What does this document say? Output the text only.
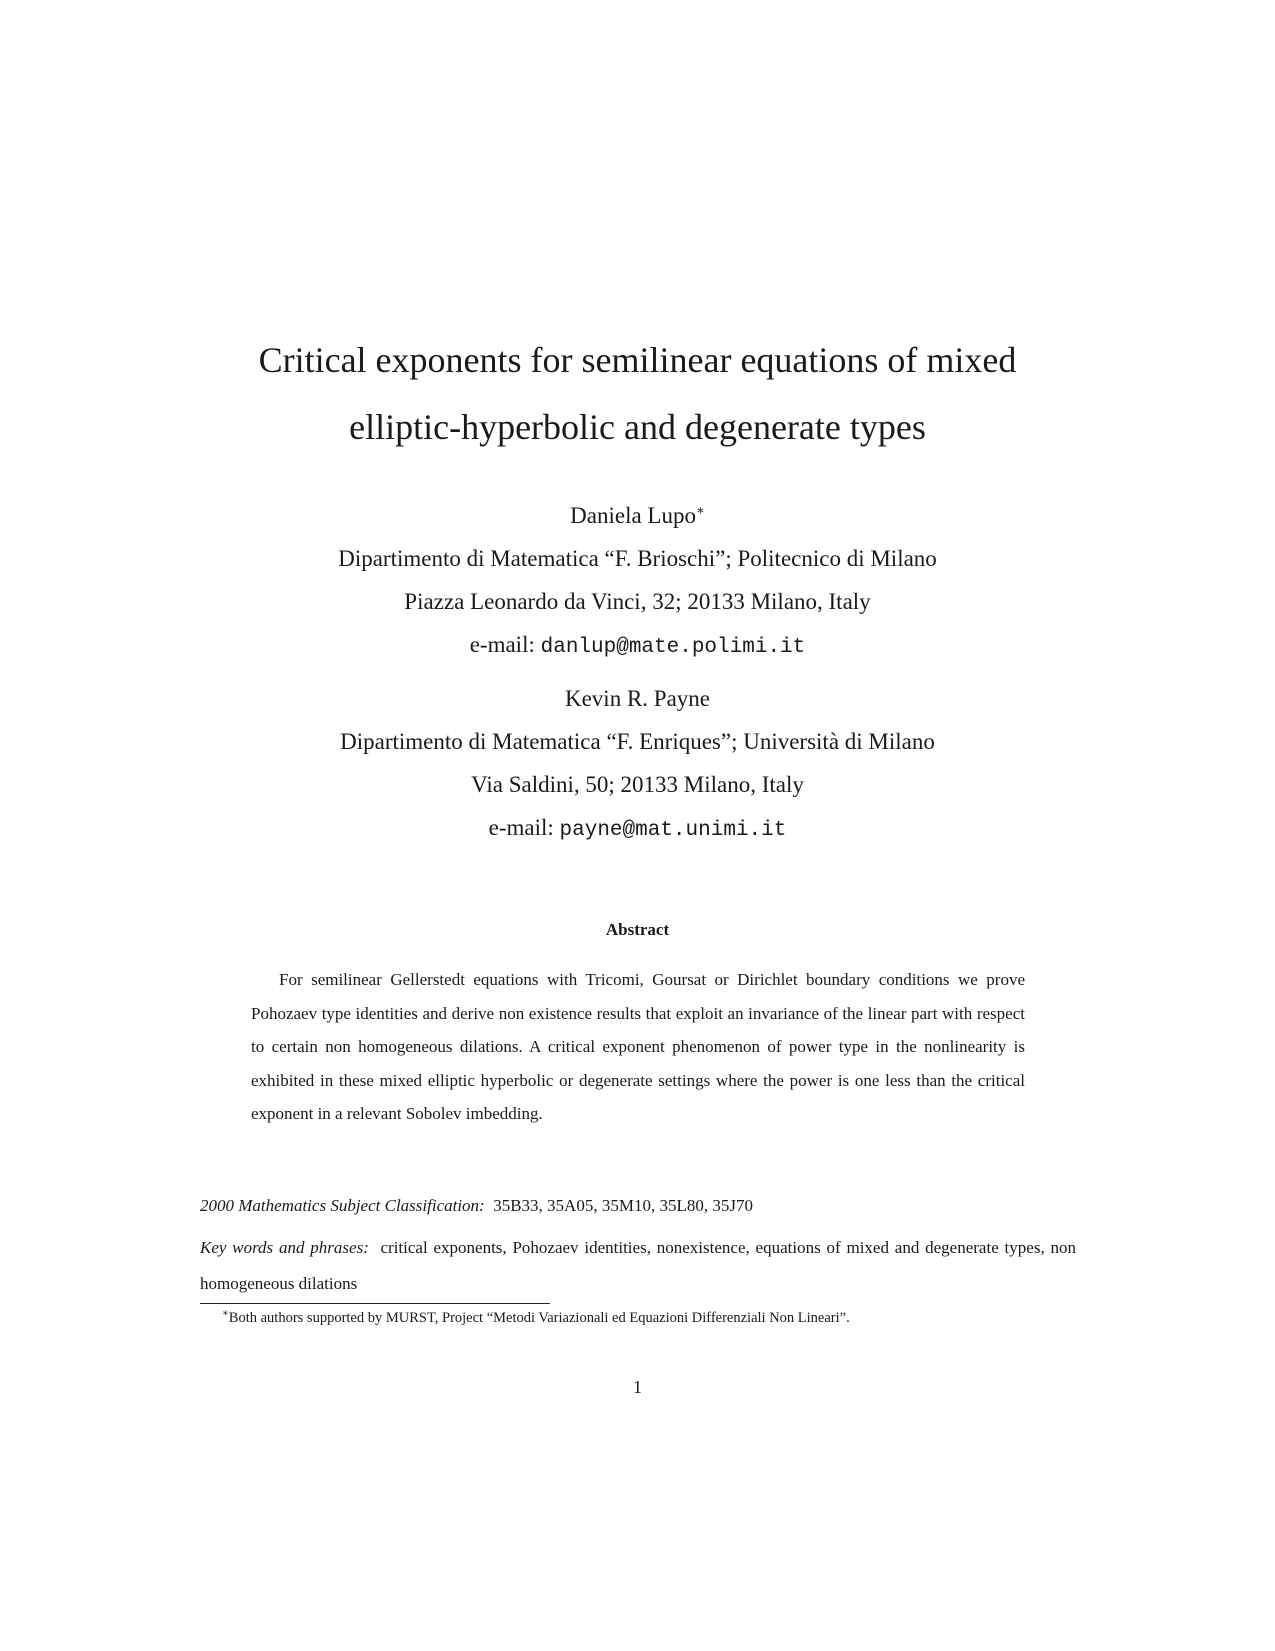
Critical exponents for semilinear equations of mixed
elliptic-hyperbolic and degenerate types
Daniela Lupo∗
Dipartimento di Matematica “F. Brioschi”; Politecnico di Milano
Piazza Leonardo da Vinci, 32; 20133 Milano, Italy
e-mail: danlup@mate.polimi.it
Kevin R. Payne
Dipartimento di Matematica “F. Enriques”; Università di Milano
Via Saldini, 50; 20133 Milano, Italy
e-mail: payne@mat.unimi.it
Abstract
For semilinear Gellerstedt equations with Tricomi, Goursat or Dirichlet boundary conditions we prove Pohozaev type identities and derive non existence results that exploit an invariance of the linear part with respect to certain non homogeneous dilations. A critical exponent phenomenon of power type in the nonlinearity is exhibited in these mixed elliptic hyperbolic or degenerate settings where the power is one less than the critical exponent in a relevant Sobolev imbedding.
2000 Mathematics Subject Classification: 35B33, 35A05, 35M10, 35L80, 35J70
Key words and phrases: critical exponents, Pohozaev identities, nonexistence, equations of mixed and degenerate types, non homogeneous dilations
∗Both authors supported by MURST, Project “Metodi Variazionali ed Equazioni Differenziali Non Lineari”.
1
